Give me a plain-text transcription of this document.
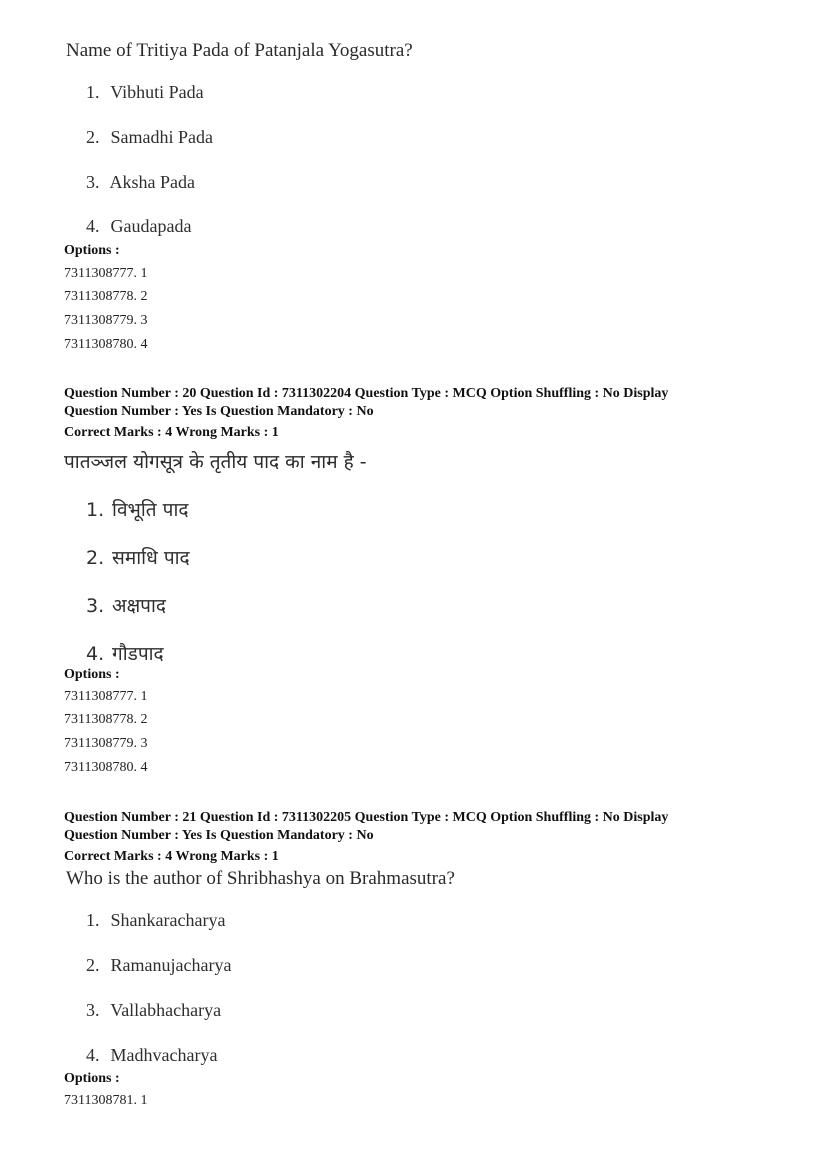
Name of Tritiya Pada of Patanjala Yogasutra?
1. Vibhuti Pada
2. Samadhi Pada
3. Aksha Pada
4. Gaudapada
Options :
7311308777. 1
7311308778. 2
7311308779. 3
7311308780. 4
Question Number : 20 Question Id : 7311302204 Question Type : MCQ Option Shuffling : No Display
Question Number : Yes Is Question Mandatory : No
Correct Marks : 4 Wrong Marks : 1
पातञ्जल योगसूत्र के तृतीय पाद का नाम है -
1. विभूति पाद
2. समाधि पाद
3. अक्षपाद
4. गौडपाद
Options :
7311308777. 1
7311308778. 2
7311308779. 3
7311308780. 4
Question Number : 21 Question Id : 7311302205 Question Type : MCQ Option Shuffling : No Display
Question Number : Yes Is Question Mandatory : No
Correct Marks : 4 Wrong Marks : 1
Who is the author of Shribhashya on Brahmasutra?
1. Shankaracharya
2. Ramanujacharya
3. Vallabhacharya
4. Madhvacharya
Options :
7311308781. 1
